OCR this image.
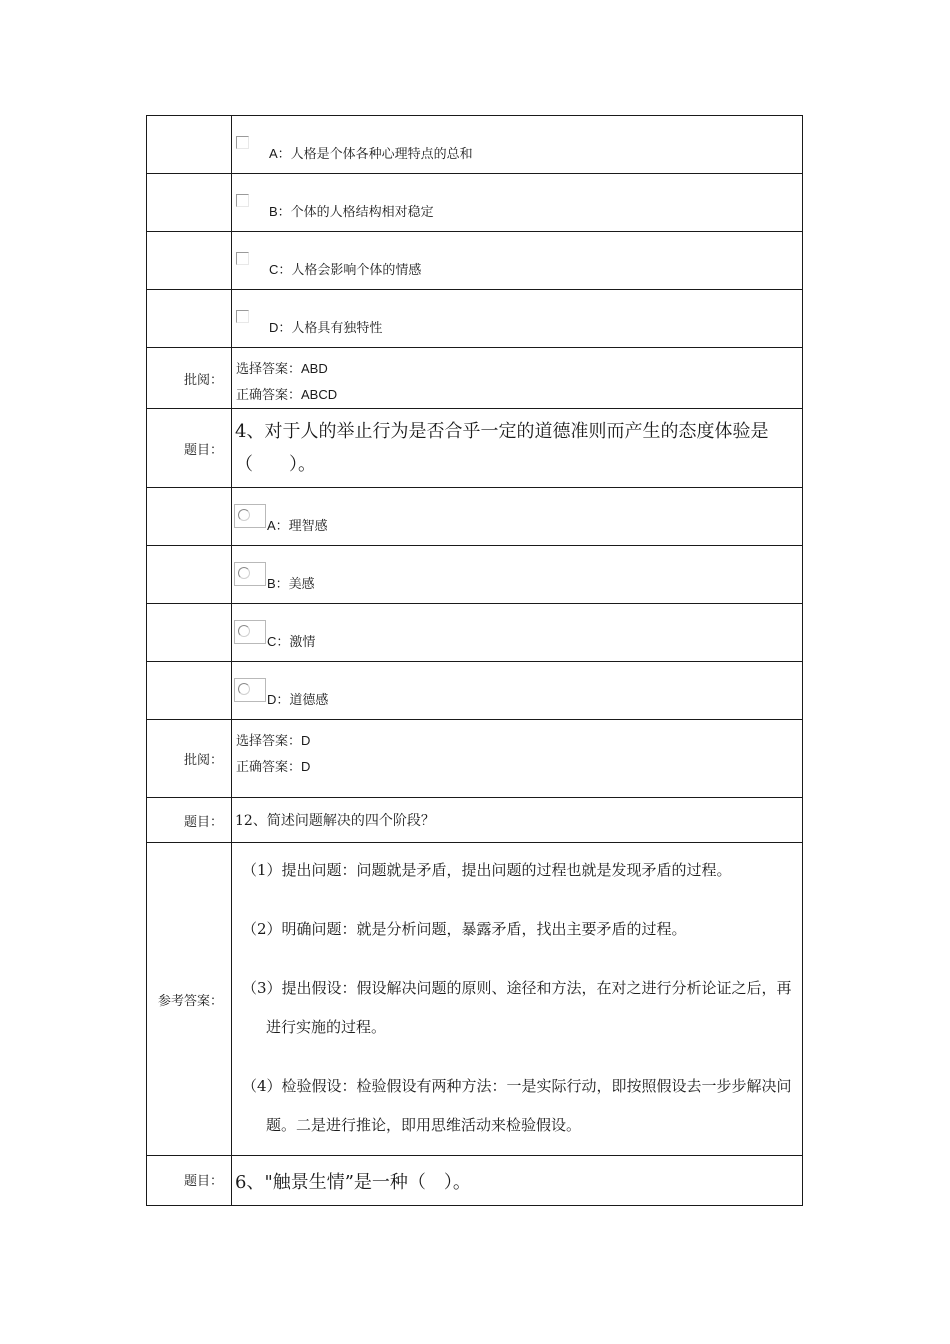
	A：人格是个体各种心理特点的总和

	B：个体的人格结构相对稳定

	C：人格会影响个体的情感

	D：人格具有独特性

批阅：	选择答案：ABD
正确答案：ABCD

题目：	4、对于人的举止行为是否合乎一定的道德准则而产生的态度体验是（　　）。

	A：理智感

	B：美感

	C：激情

	D：道德感

批阅：	选择答案：D
正确答案：D

题目：	12、简述问题解决的四个阶段？
参考答案：	（1）提出问题：问题就是矛盾，提出问题的过程也就是发现矛盾的过程。

（2）明确问题：就是分析问题，暴露矛盾，找出主要矛盾的过程。

（3）提出假设：假设解决问题的原则、途径和方法，在对之进行分析论证之后，再进行实施的过程。

（4）检验假设：检验假设有两种方法：一是实际行动，即按照假设去一步步解决问题。二是进行推论，即用思维活动来检验假设。

题目：	6、"触景生情”是一种（　）。
